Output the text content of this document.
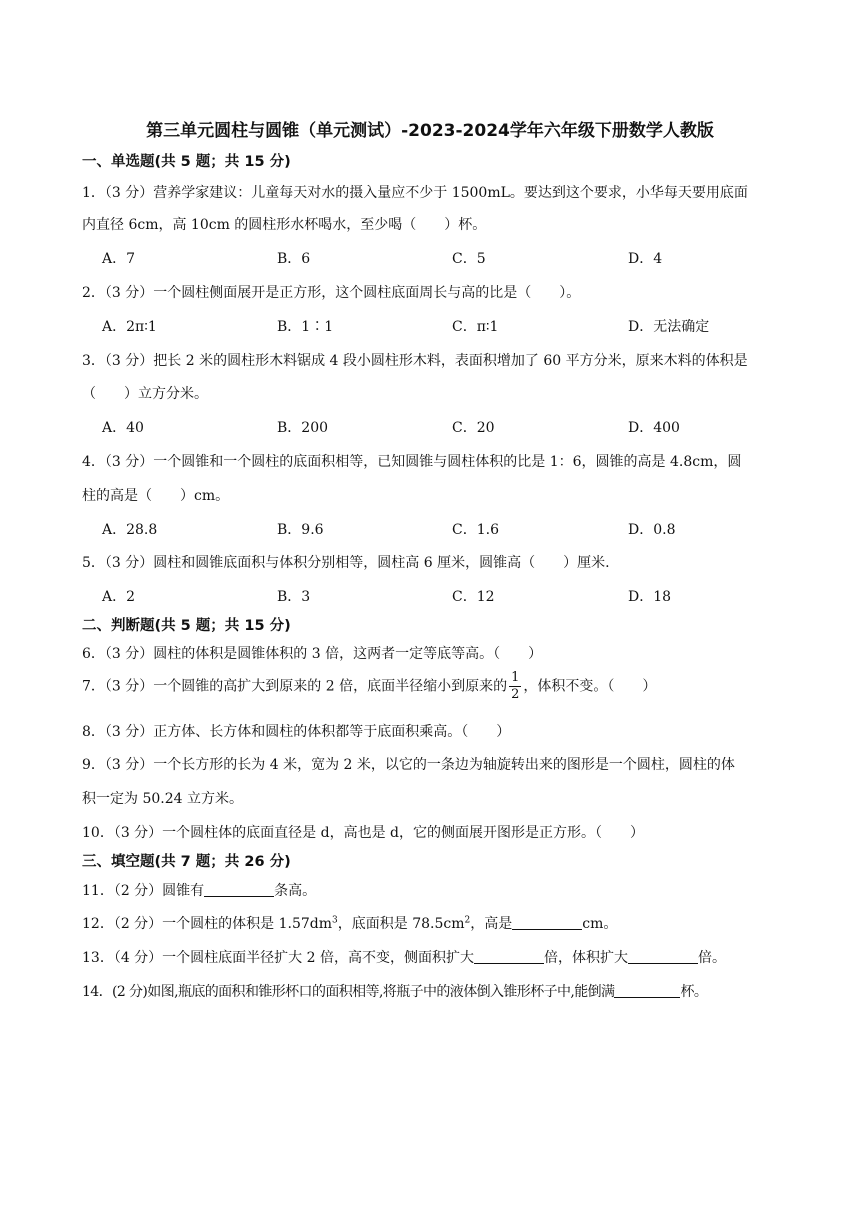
第三单元圆柱与圆锥（单元测试）-2023-2024学年六年级下册数学人教版
一、单选题(共 5 题；共 15 分)
1．（3 分）营养学家建议：儿童每天对水的摄入量应不少于 1500mL。要达到这个要求，小华每天要用底面
内直径 6cm，高 10cm 的圆柱形水杯喝水，至少喝（　　）杯。
A．7	B．6	C．5	D．4
2．（3 分）一个圆柱侧面展开是正方形，这个圆柱底面周长与高的比是（　　）。
A．2π∶1	B．1∶1	C．π∶1	D．无法确定
3．（3 分）把长 2 米的圆柱形木料锯成 4 段小圆柱形木料，表面积增加了 60 平方分米，原来木料的体积是
（　　）立方分米。
A．40	B．200	C．20	D．400
4．（3 分）一个圆锥和一个圆柱的底面积相等，已知圆锥与圆柱体积的比是 1：6，圆锥的高是 4.8cm，圆
柱的高是（　　）cm。
A．28.8	B．9.6	C．1.6	D．0.8
5．（3 分）圆柱和圆锥底面积与体积分别相等，圆柱高 6 厘米，圆锥高（　　）厘米.
A．2	B．3	C．12	D．18
二、判断题(共 5 题；共 15 分)
6．（3 分）圆柱的体积是圆锥体积的 3 倍，这两者一定等底等高。（　　）
7．（3 分）一个圆锥的高扩大到原来的 2 倍，底面半径缩小到原来的 $\frac{1}{2}$ ，体积不变。（　　）
8．（3 分）正方体、长方体和圆柱的体积都等于底面积乘高。（　　）
9．（3 分）一个长方形的长为 4 米，宽为 2 米，以它的一条边为轴旋转出来的图形是一个圆柱，圆柱的体
积一定为 50.24 立方米。
10．（3 分）一个圆柱体的底面直径是 d，高也是 d，它的侧面展开图形是正方形。（　　）
三、填空题(共 7 题；共 26 分)
11．（2 分）圆锥有	条高。
12．（2 分）一个圆柱的体积是 $1.57dm^3$，底面积是 $78.5cm^2$，高是	cm。
13．（4 分）一个圆柱底面半径扩大 2 倍，高不变，侧面积扩大	倍，体积扩大	倍。
14．(2 分)如图,瓶底的面积和锥形杯口的面积相等,将瓶子中的液体倒入锥形杯子中,能倒满	杯。
